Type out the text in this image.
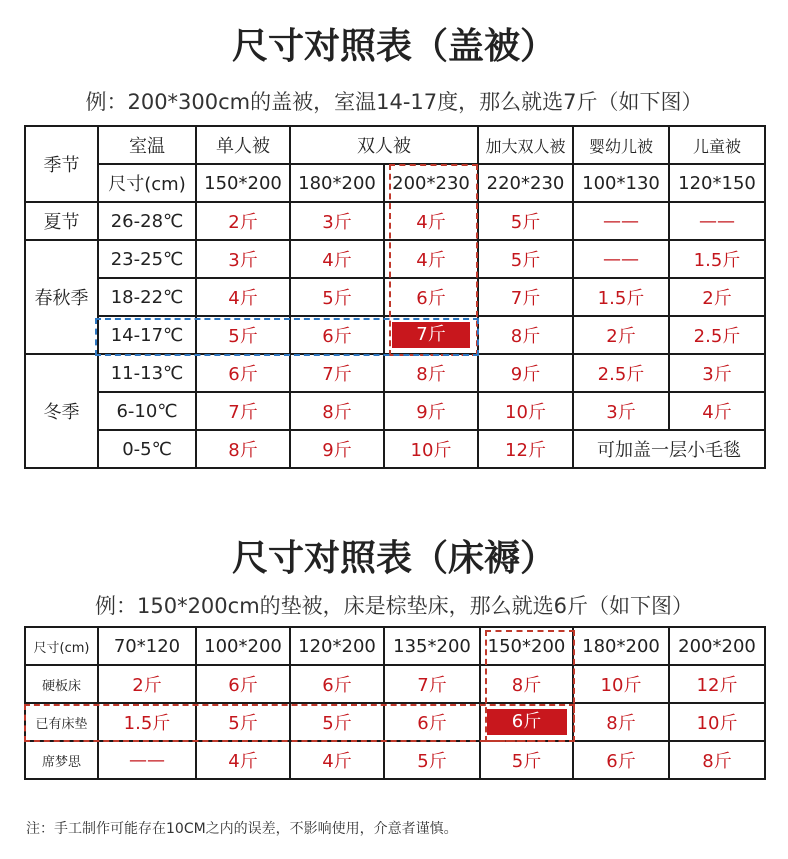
尺寸对照表（盖被）
例：200*300cm的盖被，室温14-17度，那么就选7斤（如下图）
季节	室温	单人被	双人被		加大双人被	婴幼儿被	儿童被
	尺寸(cm)	150*200	180*200	200*230	220*230	100*130	120*150
夏节	26-28℃	2斤	3斤	4斤	5斤	——	——
春秋季	23-25℃	3斤	4斤	4斤	5斤	——	1.5斤
	18-22℃	4斤	5斤	6斤	7斤	1.5斤	2斤
	14-17℃	5斤	6斤	7斤	8斤	2斤	2.5斤
冬季	11-13℃	6斤	7斤	8斤	9斤	2.5斤	3斤
	6-10℃	7斤	8斤	9斤	10斤	3斤	4斤
	0-5℃	8斤	9斤	10斤	12斤	可加盖一层小毛毯	
尺寸对照表（床褥）
例：150*200cm的垫被，床是棕垫床，那么就选6斤（如下图）
尺寸(cm)	70*120	100*200	120*200	135*200	150*200	180*200	200*200
硬板床	2斤	6斤	6斤	7斤	8斤	10斤	12斤
已有床垫	1.5斤	5斤	5斤	6斤	6斤	8斤	10斤
席梦思	——	4斤	4斤	5斤	5斤	6斤	8斤
注：手工制作可能存在10CM之内的误差，不影响使用，介意者谨慎。
